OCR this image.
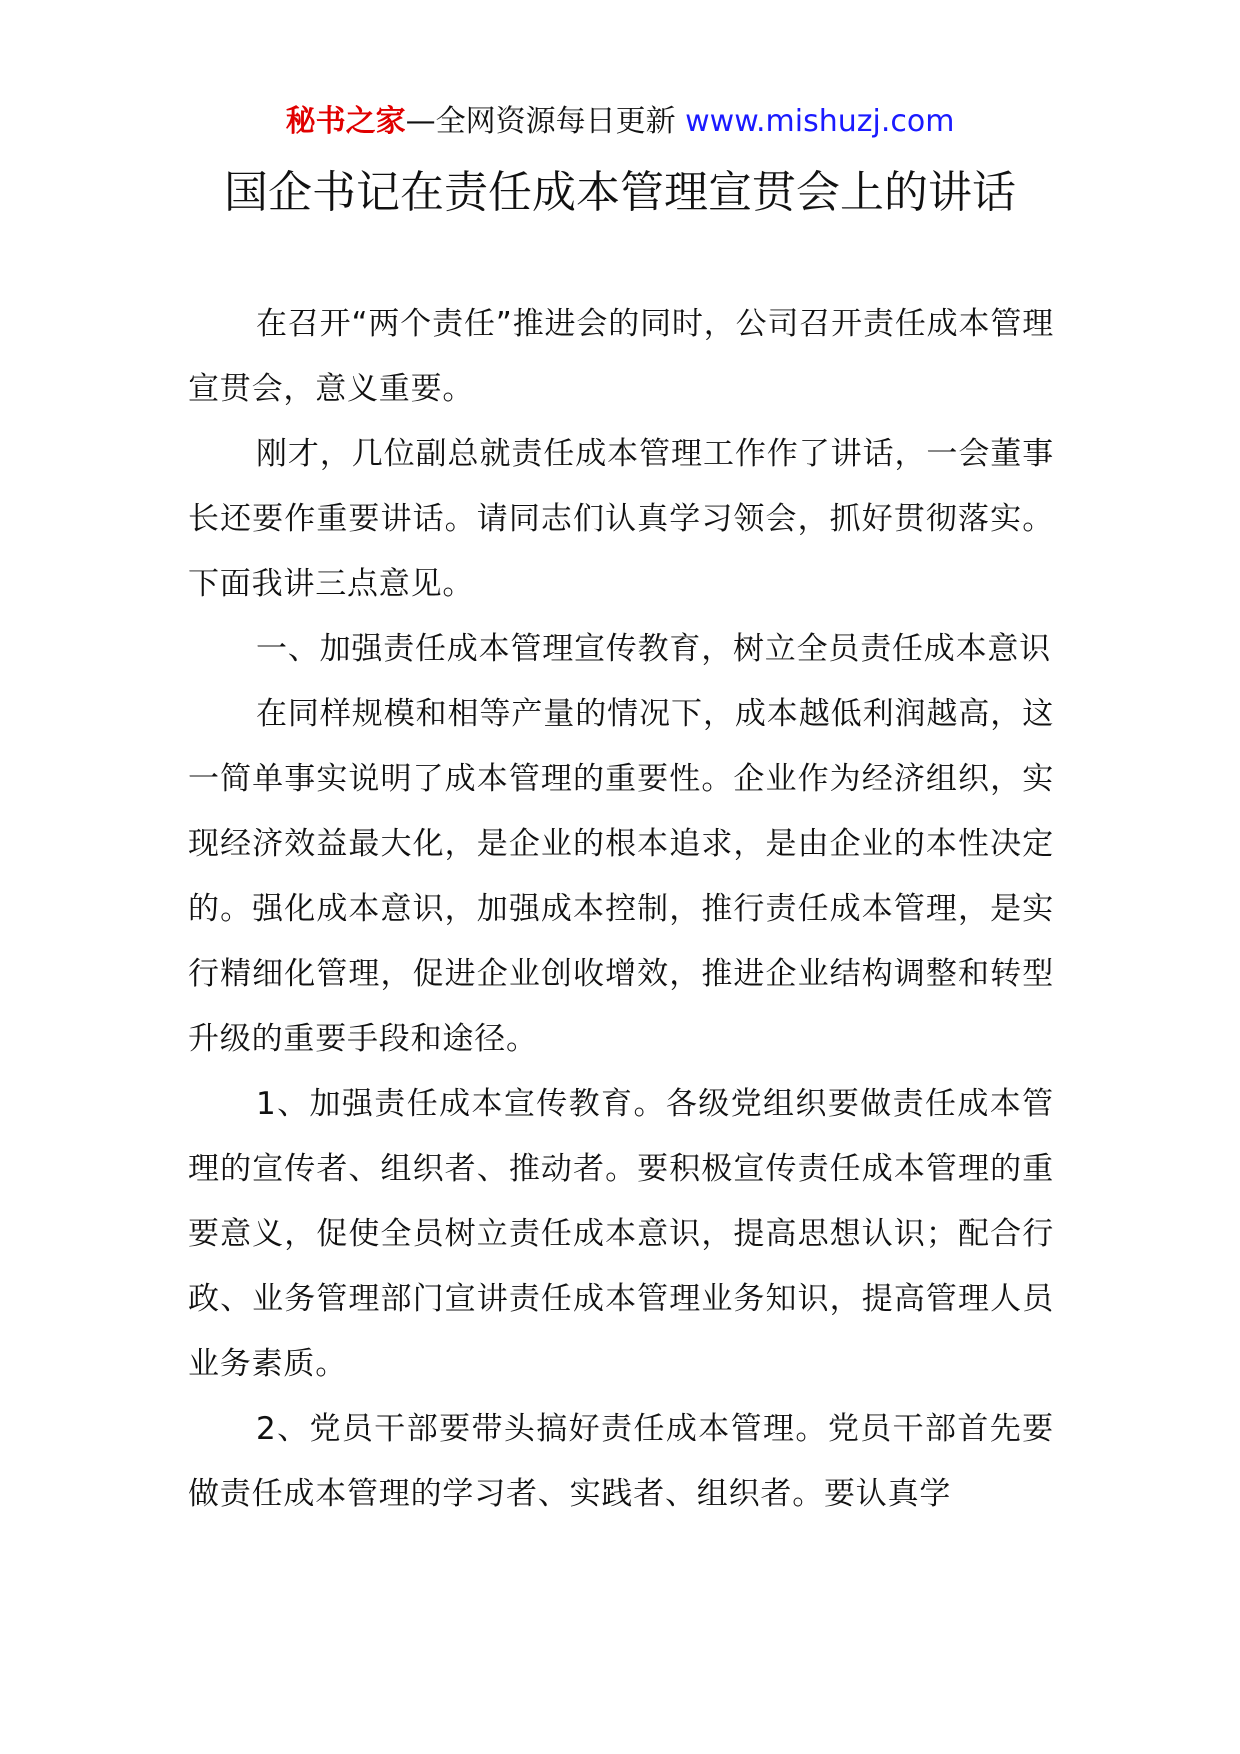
秘书之家—全网资源每日更新 www.mishuzj.com
国企书记在责任成本管理宣贯会上的讲话

在召开“两个责任”推进会的同时，公司召开责任成本管理宣贯会，意义重要。

刚才，几位副总就责任成本管理工作作了讲话，一会董事长还要作重要讲话。请同志们认真学习领会，抓好贯彻落实。下面我讲三点意见。

一、加强责任成本管理宣传教育，树立全员责任成本意识

在同样规模和相等产量的情况下，成本越低利润越高，这一简单事实说明了成本管理的重要性。企业作为经济组织，实现经济效益最大化，是企业的根本追求，是由企业的本性决定的。强化成本意识，加强成本控制，推行责任成本管理，是实行精细化管理，促进企业创收增效，推进企业结构调整和转型升级的重要手段和途径。

1、加强责任成本宣传教育。各级党组织要做责任成本管理的宣传者、组织者、推动者。要积极宣传责任成本管理的重要意义，促使全员树立责任成本意识，提高思想认识；配合行政、业务管理部门宣讲责任成本管理业务知识，提高管理人员业务素质。

2、党员干部要带头搞好责任成本管理。党员干部首先要做责任成本管理的学习者、实践者、组织者。要认真学
